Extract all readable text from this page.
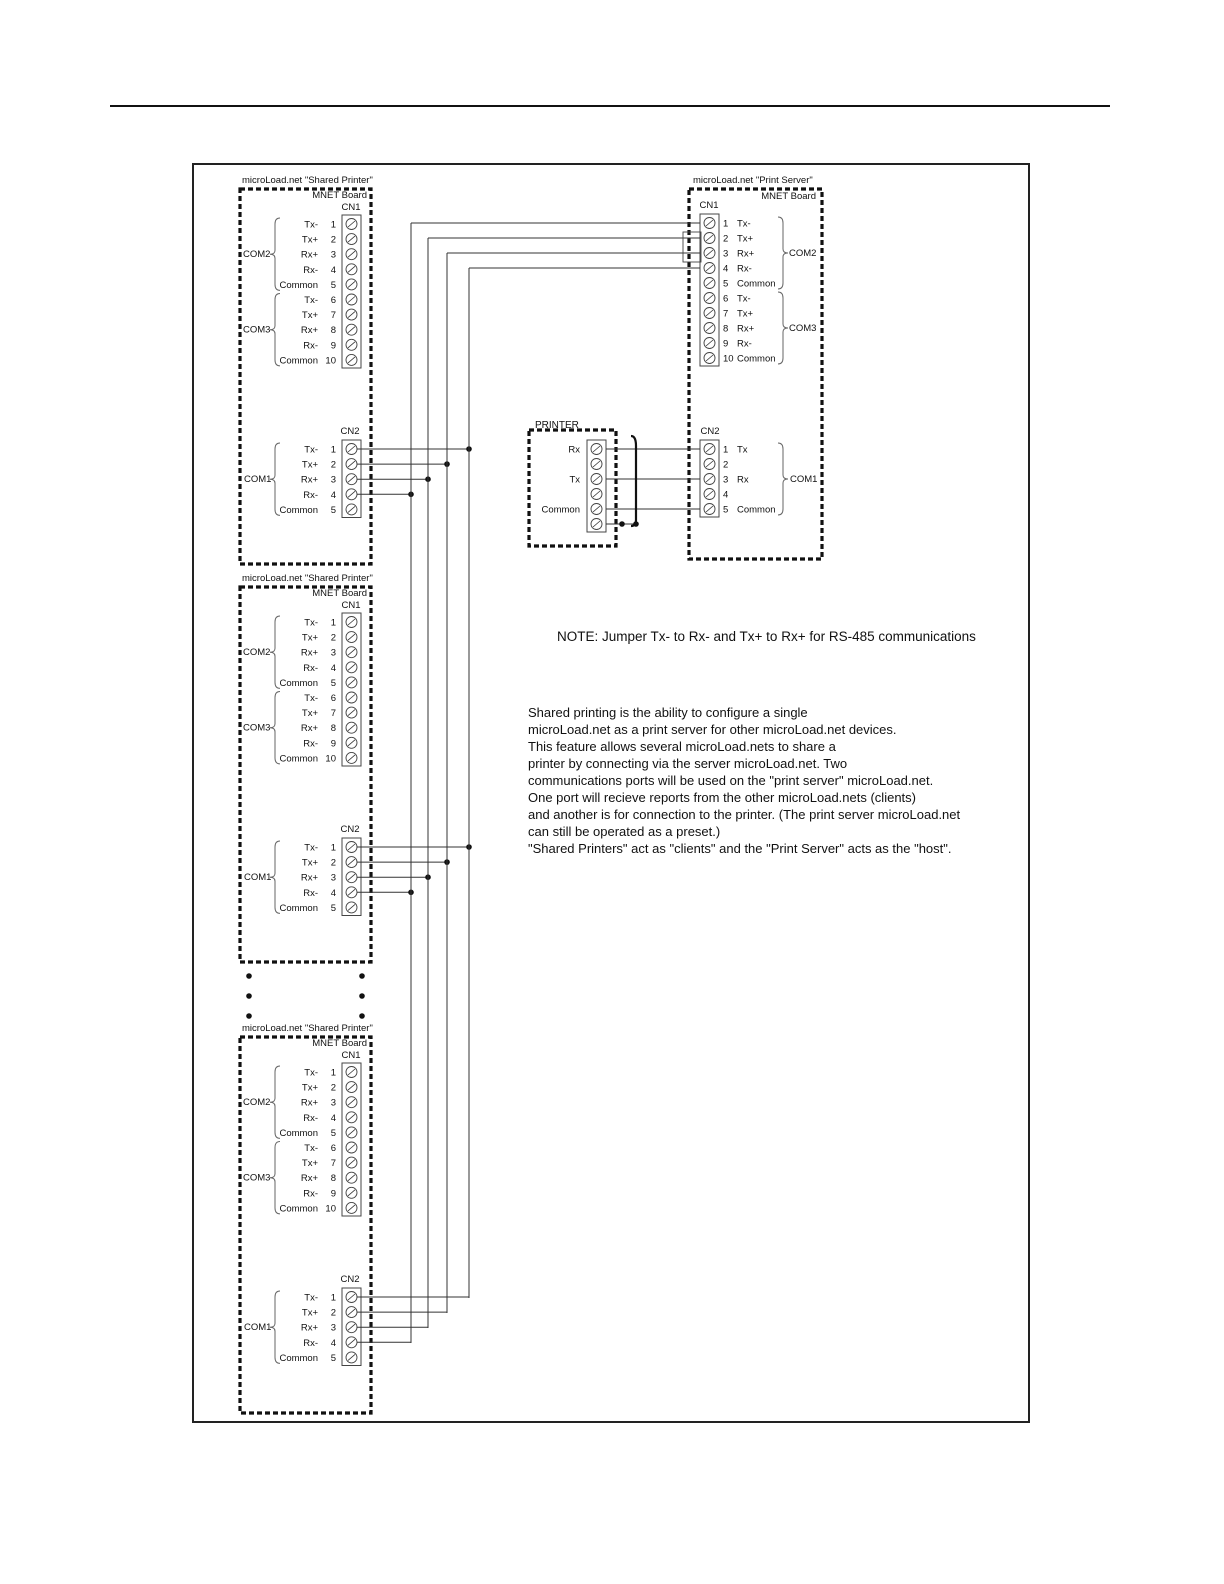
microLoad.net "Shared Printer"
MNET Board
CN1
Tx- 1
Tx+ 2
Rx+ 3
Rx- 4
Common 5
Tx- 6
Tx+ 7
Rx+ 8
Rx- 9
Common 10
COM2
COM3
CN2
Tx- 1
Tx+ 2
Rx+ 3
Rx- 4
Common 5
COM1
microLoad.net "Shared Printer"
MNET Board
CN1
Tx- 1
Tx+ 2
Rx+ 3
Rx- 4
Common 5
Tx- 6
Tx+ 7
Rx+ 8
Rx- 9
Common 10
COM2
COM3
CN2
Tx- 1
Tx+ 2
Rx+ 3
Rx- 4
Common 5
COM1
microLoad.net "Shared Printer"
MNET Board
CN1
Tx- 1
Tx+ 2
Rx+ 3
Rx- 4
Common 5
Tx- 6
Tx+ 7
Rx+ 8
Rx- 9
Common 10
COM2
COM3
CN2
Tx- 1
Tx+ 2
Rx+ 3
Rx- 4
Common 5
COM1
microLoad.net "Print Server"
MNET Board
CN1
1 Tx-
2 Tx+
3 Rx+
4 Rx-
5 Common
6 Tx-
7 Tx+
8 Rx+
9 Rx-
10 Common
COM2
COM3
CN2
1 Tx
2
3 Rx
4
5 Common
COM1
PRINTER
Rx
Tx
Common
NOTE: Jumper Tx- to Rx- and Tx+ to Rx+ for RS-485 communications
Shared printing is the ability to configure a single
microLoad.net as a print server for other microLoad.net devices.
This feature allows several microLoad.nets to share a
printer by connecting via the server microLoad.net. Two
communications ports will be used on the "print server" microLoad.net.
One port will recieve reports from the other microLoad.nets (clients)
and another is for connection to the printer. (The print server microLoad.net
can still be operated as a preset.)
"Shared Printers" act as "clients" and the "Print Server" acts as the "host".
